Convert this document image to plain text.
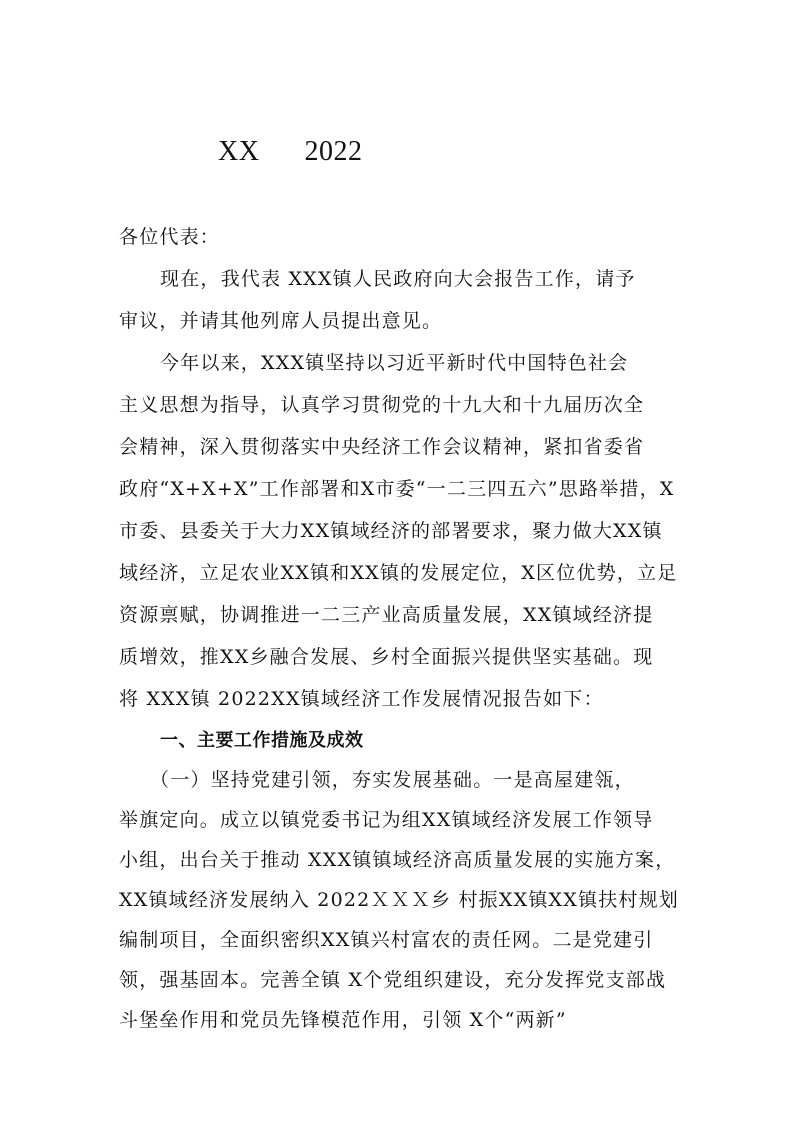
XX      2022
各位代表：
现在，我代表 XXX镇人民政府向大会报告工作，请予
审议，并请其他列席人员提出意见。
今年以来，XXX镇坚持以习近平新时代中国特色社会
主义思想为指导，认真学习贯彻党的十九大和十九届历次全
会精神，深入贯彻落实中央经济工作会议精神，紧扣省委省
政府“X+X+X”工作部署和X市委“一二三四五六”思路举措，X
市委、县委关于大力XX镇域经济的部署要求，聚力做大XX镇
域经济，立足农业XX镇和XX镇的发展定位，X区位优势，立足
资源禀赋，协调推进一二三产业高质量发展，XX镇域经济提
质增效，推XX乡融合发展、乡村全面振兴提供坚实基础。现
将 XXX镇 2022XX镇域经济工作发展情况报告如下：
一、主要工作措施及成效
（一）坚持党建引领，夯实发展基础。一是高屋建瓴，
举旗定向。成立以镇党委书记为组XX镇域经济发展工作领导
小组，出台关于推动 XXX镇镇域经济高质量发展的实施方案，
XX镇域经济发展纳入 2022ＸＸＸ乡 村振XX镇XX镇扶村规划
编制项目，全面织密织XX镇兴村富农的责任网。二是党建引
领，强基固本。完善全镇 X个党组织建设，充分发挥党支部战
斗堡垒作用和党员先锋模范作用，引领 X个“两新”
